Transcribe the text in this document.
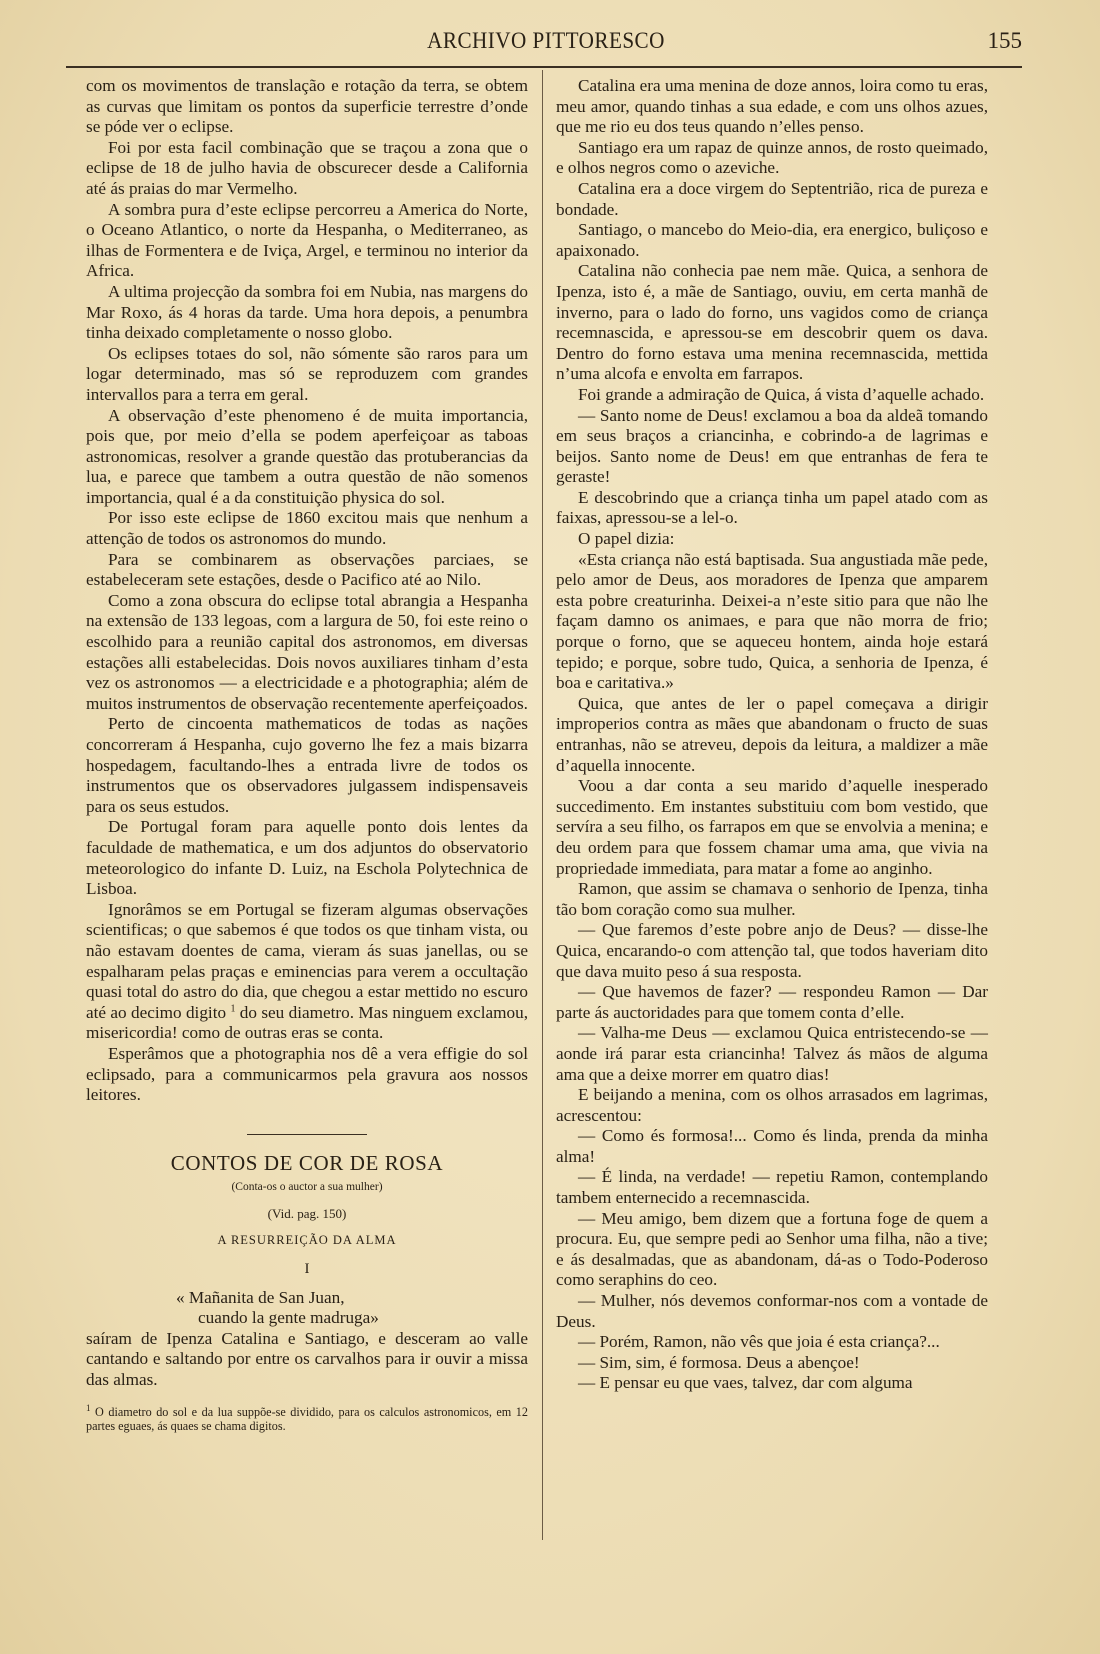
ARCHIVO PITTORESCO	155

com os movimentos de translação e rotação da terra, se obtem as curvas que limitam os pontos da superficie terrestre d’onde se póde ver o eclipse.

Foi por esta facil combinação que se traçou a zona que o eclipse de 18 de julho havia de obscurecer desde a California até ás praias do mar Vermelho.

A sombra pura d’este eclipse percorreu a America do Norte, o Oceano Atlantico, o norte da Hespanha, o Mediterraneo, as ilhas de Formentera e de Iviça, Argel, e terminou no interior da Africa.

A ultima projecção da sombra foi em Nubia, nas margens do Mar Roxo, ás 4 horas da tarde. Uma hora depois, a penumbra tinha deixado completamente o nosso globo.

Os eclipses totaes do sol, não sómente são raros para um logar determinado, mas só se reproduzem com grandes intervallos para a terra em geral.

A observação d’este phenomeno é de muita importancia, pois que, por meio d’ella se podem aperfeiçoar as taboas astronomicas, resolver a grande questão das protuberancias da lua, e parece que tambem a outra questão de não somenos importancia, qual é a da constituição physica do sol.

Por isso este eclipse de 1860 excitou mais que nenhum a attenção de todos os astronomos do mundo.

Para se combinarem as observações parciaes, se estabeleceram sete estações, desde o Pacifico até ao Nilo.

Como a zona obscura do eclipse total abrangia a Hespanha na extensão de 133 legoas, com a largura de 50, foi este reino o escolhido para a reunião capital dos astronomos, em diversas estações alli estabelecidas. Dois novos auxiliares tinham d’esta vez os astronomos — a electricidade e a photographia; além de muitos instrumentos de observação recentemente aperfeiçoados.

Perto de cincoenta mathematicos de todas as nações concorreram á Hespanha, cujo governo lhe fez a mais bizarra hospedagem, facultando-lhes a entrada livre de todos os instrumentos que os observadores julgassem indispensaveis para os seus estudos.

De Portugal foram para aquelle ponto dois lentes da faculdade de mathematica, e um dos adjuntos do observatorio meteorologico do infante D. Luiz, na Eschola Polytechnica de Lisboa.

Ignorâmos se em Portugal se fizeram algumas observações scientificas; o que sabemos é que todos os que tinham vista, ou não estavam doentes de cama, vieram ás suas janellas, ou se espalharam pelas praças e eminencias para verem a occultação quasi total do astro do dia, que chegou a estar mettido no escuro até ao decimo digito $^1$ do seu diametro. Mas ninguem exclamou, misericordia! como de outras eras se conta.

Esperâmos que a photographia nos dê a vera effigie do sol eclipsado, para a communicarmos pela gravura aos nossos leitores.

CONTOS DE COR DE ROSA
(Conta-os o auctor a sua mulher)
(Vid. pag. 150)
A RESURREIÇÃO DA ALMA
I

« Mañanita de San Juan,

cuando la gente madruga»

saíram de Ipenza Catalina e Santiago, e desceram ao valle cantando e saltando por entre os carvalhos para ir ouvir a missa das almas.

$^1$ O diametro do sol e da lua suppõe-se dividido, para os calculos astronomicos, em 12 partes eguaes, ás quaes se chama digitos.

Catalina era uma menina de doze annos, loira como tu eras, meu amor, quando tinhas a sua edade, e com uns olhos azues, que me rio eu dos teus quando n’elles penso.

Santiago era um rapaz de quinze annos, de rosto queimado, e olhos negros como o azeviche.

Catalina era a doce virgem do Septentrião, rica de pureza e bondade.

Santiago, o mancebo do Meio-dia, era energico, buliçoso e apaixonado.

Catalina não conhecia pae nem mãe. Quica, a senhora de Ipenza, isto é, a mãe de Santiago, ouviu, em certa manhã de inverno, para o lado do forno, uns vagidos como de criança recemnascida, e apressou-se em descobrir quem os dava. Dentro do forno estava uma menina recemnascida, mettida n’uma alcofa e envolta em farrapos.

Foi grande a admiração de Quica, á vista d’aquelle achado.

— Santo nome de Deus! exclamou a boa da aldeã tomando em seus braços a criancinha, e cobrindo-a de lagrimas e beijos. Santo nome de Deus! em que entranhas de fera te geraste!

E descobrindo que a criança tinha um papel atado com as faixas, apressou-se a lel-o.

O papel dizia:

«Esta criança não está baptisada. Sua angustiada mãe pede, pelo amor de Deus, aos moradores de Ipenza que amparem esta pobre creaturinha. Deixei-a n’este sitio para que não lhe façam damno os animaes, e para que não morra de frio; porque o forno, que se aqueceu hontem, ainda hoje estará tepido; e porque, sobre tudo, Quica, a senhoria de Ipenza, é boa e caritativa.»

Quica, que antes de ler o papel começava a dirigir improperios contra as mães que abandonam o fructo de suas entranhas, não se atreveu, depois da leitura, a maldizer a mãe d’aquella innocente.

Voou a dar conta a seu marido d’aquelle inesperado succedimento. Em instantes substituiu com bom vestido, que servíra a seu filho, os farrapos em que se envolvia a menina; e deu ordem para que fossem chamar uma ama, que vivia na propriedade immediata, para matar a fome ao anginho.

Ramon, que assim se chamava o senhorio de Ipenza, tinha tão bom coração como sua mulher.

— Que faremos d’este pobre anjo de Deus? — disse-lhe Quica, encarando-o com attenção tal, que todos haveriam dito que dava muito peso á sua resposta.

— Que havemos de fazer? — respondeu Ramon — Dar parte ás auctoridades para que tomem conta d’elle.

— Valha-me Deus — exclamou Quica entristecendo-se — aonde irá parar esta criancinha! Talvez ás mãos de alguma ama que a deixe morrer em quatro dias!

E beijando a menina, com os olhos arrasados em lagrimas, acrescentou:

— Como és formosa!... Como és linda, prenda da minha alma!

— É linda, na verdade! — repetiu Ramon, contemplando tambem enternecido a recemnascida.

— Meu amigo, bem dizem que a fortuna foge de quem a procura. Eu, que sempre pedi ao Senhor uma filha, não a tive; e ás desalmadas, que as abandonam, dá-as o Todo-Poderoso como seraphins do ceo.

— Mulher, nós devemos conformar-nos com a vontade de Deus.

— Porém, Ramon, não vês que joia é esta criança?...

— Sim, sim, é formosa. Deus a abençoe!

— E pensar eu que vaes, talvez, dar com alguma
